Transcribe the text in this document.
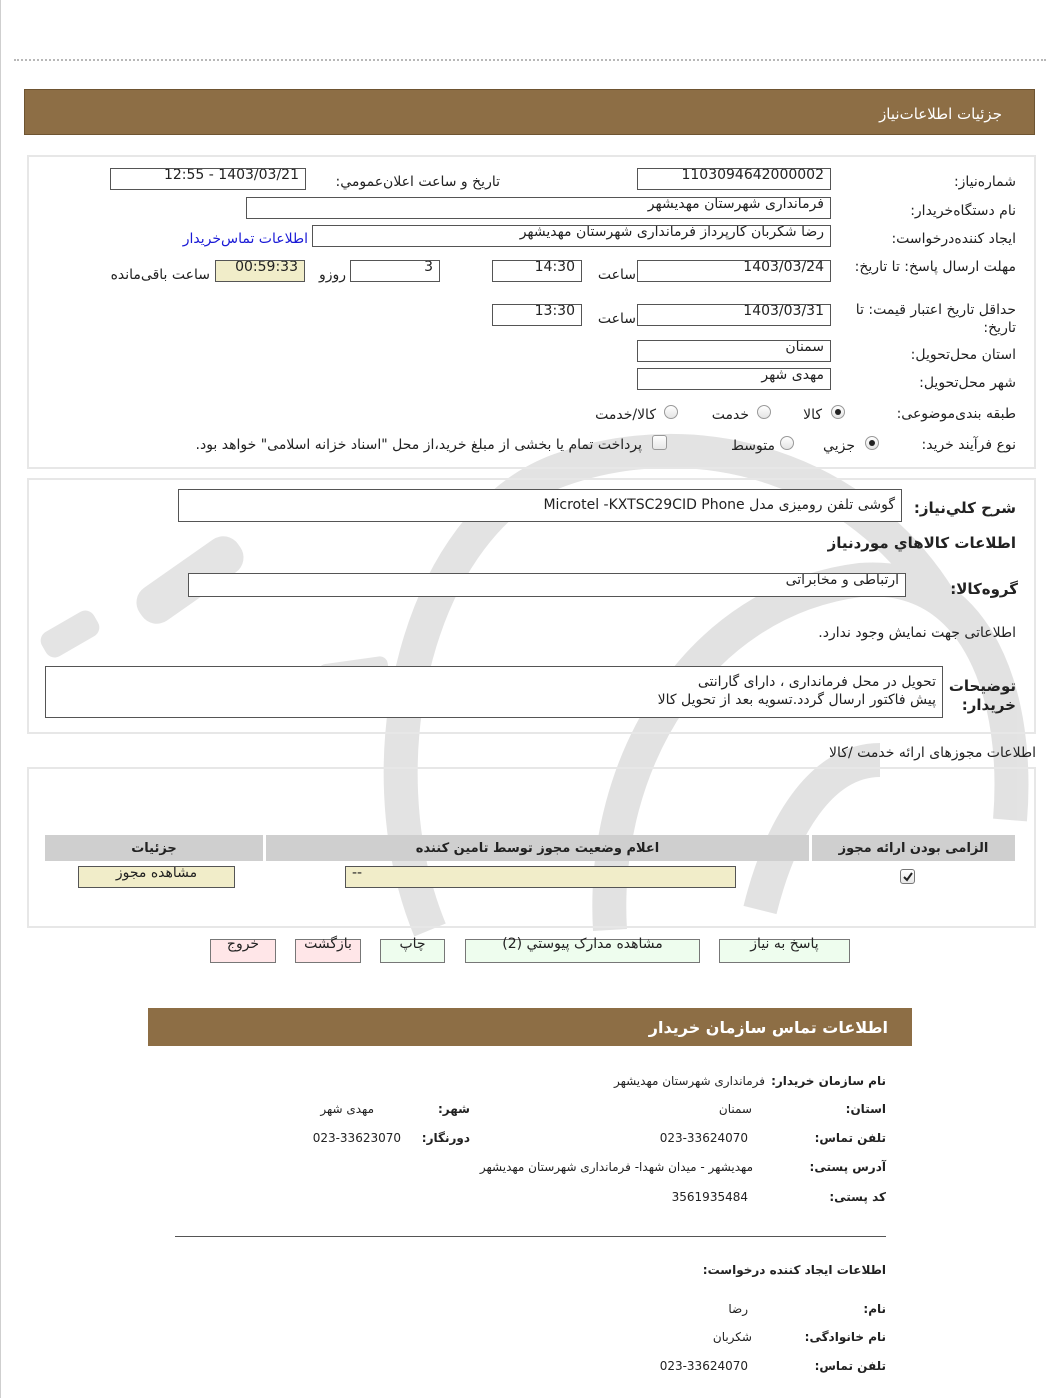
جزئیات اطلاعات‌نیاز
شماره‌نیاز:
1103094642000002
تاریخ و ساعت اعلان‌عمومي:
1403/03/21 - 12:55
نام دستگاه‌خریدار:
فرمانداری شهرستان مهدیشهر
ایجاد کننده‌درخواست:
رضا شکربان کارپرداز فرمانداری شهرستان مهدیشهر
اطلاعات تماس‌خریدار
مهلت ارسال پاسخ: تا تاریخ:
1403/03/24
ساعت
14:30
3
روزو
00:59:33
ساعت باقی‌مانده
حداقل تاریخ اعتبار قیمت: تا تاریخ:
1403/03/31
ساعت
13:30
استان محل‌تحویل:
سمنان
شهر محل‌تحویل:
مهدی شهر
طبقه بندی‌موضوعی:
کالا
خدمت
کالا/خدمت
نوع فرآیند خرید:
جزيي
متوسط
پرداخت تمام یا بخشی از مبلغ خرید،از محل "اسناد خزانه اسلامی" خواهد بود.
شرح کلي‌نياز:
گوشی تلفن رومیزی مدل Microtel -KXTSC29CID Phone
اطلاعات کالاهاي موردنياز
گروه‌کالا:
ارتباطی و مخابراتی
اطلاعاتی جهت نمایش وجود ندارد.
توضیحات خریدار:
تحویل در محل فرمانداری ، دارای گارانتی
پیش فاکتور ارسال گردد.تسویه بعد از تحویل کالا
اطلاعات مجوزهای ارائه خدمت /کالا
جزئیات	اعلام وضعیت مجوز توسط تامین کننده	الزامی بودن ارائه مجوز

مشاهده مجوز	--

پاسخ به نياز
مشاهده مدارک پیوستي (2)
چاپ
بازگشت
خروج
اطلاعات تماس سازمان خریدار
نام سازمان خریدار:
فرمانداری شهرستان مهدیشهر
استان:
سمنان
شهر:
مهدی شهر
تلفن تماس:
023-33624070
دورنگار:
023-33623070
آدرس پستی:
مهدیشهر - میدان شهدا- فرمانداری شهرستان مهدیشهر
کد پستی:
3561935484
اطلاعات ایجاد کننده درخواست:
نام:
رضا
نام خانوادگی:
شکربان
تلفن تماس:
023-33624070
